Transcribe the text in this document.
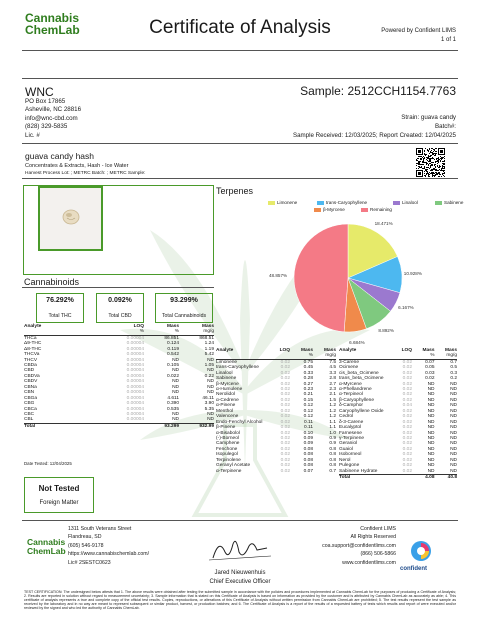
Cannabis
ChemLab	Certificate of Analysis	Powered by Confident LIMS
1 of 1
WNC
PO Box 17865
Asheville, NC 28816
info@wnc-cbd.com
(828) 329-5835
Lic. #
Sample: 2512CCH1154.7763
Strain: guava candy
Batch#:
Sample Received: 12/03/2025; Report Created: 12/04/2025
guava candy hash
Concentrates & Extracts, Hash - Ice Water
Harvest Process Lot: ; METRC Batch: ; METRC Sample:
Terpenes
Limonene	trans-Caryophyllene	Linalool	Sabinene
β-Myrcene	Remaining
18.471%
10.928%
6.167%
8.892%
6.684%
48.857%
Cannabinoids
76.292%
Total THC
0.092%
Total CBD
93.299%
Total Cannabinoids
Analyte	LOQ	Mass	Mass
	%	%	mg/g
THCa	0.00004	86.851	868.51
Δ9-THC	0.00004	0.124	1.24
Δ8-THC	0.00004	0.119	1.19
THCVa	0.00004	0.542	5.42
THCV	0.00004	ND	ND
CBDa	0.00004	0.105	1.05
CBD	0.00004	ND	ND
CBDVa	0.00004	0.022	0.22
CBDV	0.00004	ND	ND
CBNa	0.00004	ND	ND
CBN	0.00004	ND	ND
CBGa	0.00004	4.611	46.11
CBG	0.00004	0.390	3.90
CBCa	0.00004	0.535	5.35
CBC	0.00004	ND	ND
CBL	0.00004	ND	ND
Total		93.299	932.99
Date Tested: 12/04/2025
Analyte	LOQ	Mass	Mass
		%	mg/g
Limonene	0.02	0.75	7.5
trans-Caryophyllene	0.02	0.45	4.5
Linalool	0.02	0.33	3.3
Sabinene	0.02	0.28	2.8
β-Myrcene	0.02	0.27	2.7
α-Humulene	0.02	0.23	2.3
Nerolidol	0.02	0.21	2.1
α-Cedrene	0.02	0.15	1.5
α-Pinene	0.02	0.12	1.2
Menthol	0.02	0.12	1.2
Valencene	0.02	0.12	1.2
Endo-Fenchyl Alcohol	0.02	0.11	1.1
β-Pinene	0.02	0.11	1.1
α-Bisabolol	0.02	0.10	1.0
(-)-Borneol	0.02	0.09	0.9
Camphene	0.02	0.09	0.9
Fenchone	0.02	0.08	0.8
Isopulegol	0.02	0.08	0.8
Terpinolene	0.02	0.08	0.8
Geranyl Acetate	0.02	0.08	0.8
α-Terpinene	0.02	0.07	0.7
Analyte	LOQ	Mass	Mass
		%	mg/g
3-Carene	0.02	0.07	0.7
Ocimene	0.02	0.05	0.5
cis_beta_Ocimene	0.02	0.03	0.3
trans_beta_Ocimene	0.02	0.02	0.2
α-Myrcene	0.02	ND	ND
α-Phellandrene	0.02	ND	ND
α-Terpineol	0.02	ND	ND
β-Caryophyllene	0.02	ND	ND
δ-Camphor	0.04	ND	ND
Caryophyllene Oxide	0.02	ND	ND
Cedrol	0.02	ND	ND
δ-3-Carene	0.02	ND	ND
Eucalyptol	0.02	ND	ND
Farnesene	0.02	ND	ND
γ-Terpinene	0.02	ND	ND
Geraniol	0.02	ND	ND
Guaiol	0.02	ND	ND
Isoborneol	0.02	ND	ND
Nerol	0.02	ND	ND
Pulegone	0.02	ND	ND
Sabinene Hydrate	0.02	ND	ND
Total		4.08	40.8
Not Tested
Foreign Matter
Cannabis
ChemLab
1311 South Veterans Street
Flandreau, SD
(605) 546-9178
https://www.cannabischemlab.com/
Lic# 2SESTC0623
Jared Nieuwenhuis
Chief Executive Officer
Confident LIMS
All Rights Reserved
coa.support@confidentlims.com
(866) 506-5866
www.confidentlims.com
confident
TEST CERTIFICATION: The undersigned below attests that 1. The above results were obtained after testing the submitted sample in accordance with the policies and procedures implemented at Cannabis ChemLab for the purposes of producing a Certificate of Analysis; 2. Results are reported in solution without regard to measurement uncertainty; 3. Sample information that is stated on this Certificate of Analysis is based on information as provided by the customer and is attributed by Cannabis ChemLab as accurately as able; 4. This certificate of analysis represents a true and complete copy of the official test results. Copies, reproductions, or alterations of this Certificate of Analysis without written permission from Cannabis ChemLab are prohibited; 5. The test results represent the test sample as received by the laboratory and in no way are meant to represent subsequent or similar product, harvest, or production batches; and 6. The Certificate of Analysis is a report of the results of a requested battery of tests which results and report of were executed and/or reviewed by the signed and who led the authority of Cannabis ChemLab.
